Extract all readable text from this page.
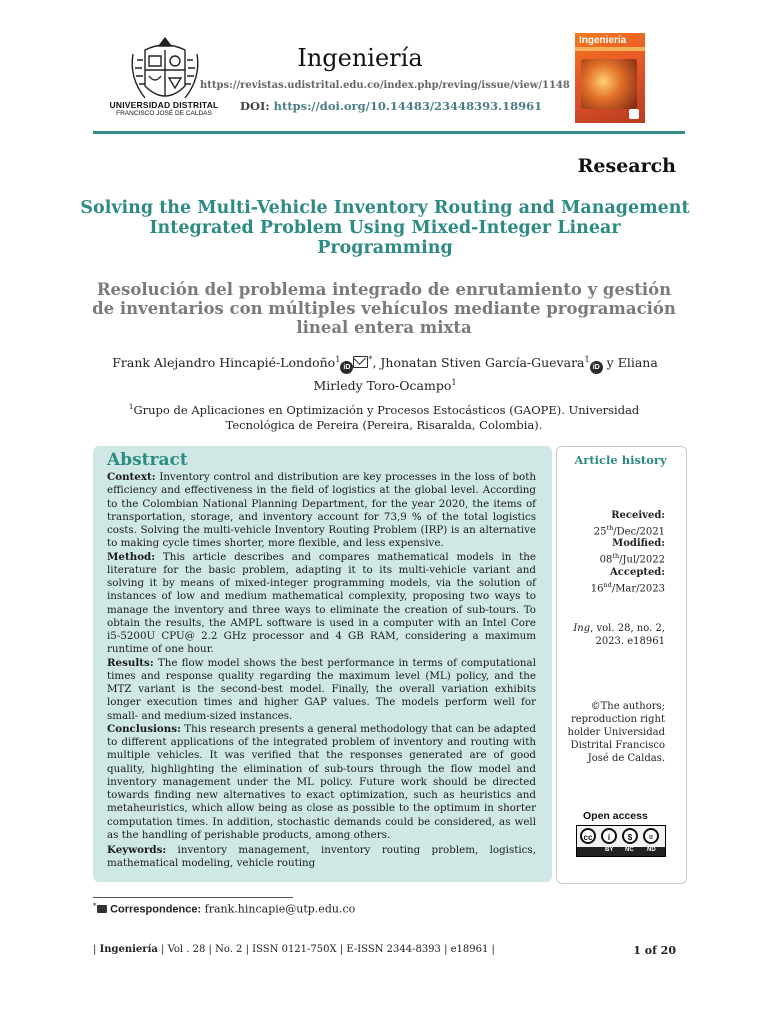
UNIVERSIDAD DISTRITAL
FRANCISCO JOSÉ DE CALDAS
Ingeniería
https://revistas.udistrital.edu.co/index.php/reving/issue/view/1148
DOI: https://doi.org/10.14483/23448393.18961
Ingeniería
Research
Solving the Multi-Vehicle Inventory Routing and Management Integrated Problem Using Mixed-Integer Linear Programming
Resolución del problema integrado de enrutamiento y gestión de inventarios con múltiples vehículos mediante programación lineal entera mixta
Frank Alejandro Hincapié-Londoño$^1$iD*, Jhonatan Stiven García-Guevara$^1$iD y Eliana Mirledy Toro-Ocampo$^1$
$^1$Grupo de Aplicaciones en Optimización y Procesos Estocásticos (GAOPE). Universidad Tecnológica de Pereira (Pereira, Risaralda, Colombia).
Abstract

Context: Inventory control and distribution are key processes in the loss of both efficiency and effectiveness in the field of logistics at the global level. According to the Colombian National Planning Department, for the year 2020, the items of transportation, storage, and inventory account for 73,9 % of the total logistics costs. Solving the multi-vehicle Inventory Routing Problem (IRP) is an alternative to making cycle times shorter, more flexible, and less expensive.

Method: This article describes and compares mathematical models in the literature for the basic problem, adapting it to its multi-vehicle variant and solving it by means of mixed-integer programming models, via the solution of instances of low and medium mathematical complexity, proposing two ways to manage the inventory and three ways to eliminate the creation of sub-tours. To obtain the results, the AMPL software is used in a computer with an Intel Core i5-5200U CPU@ 2.2 GHz processor and 4 GB RAM, considering a maximum runtime of one hour.

Results: The flow model shows the best performance in terms of computational times and response quality regarding the maximum level (ML) policy, and the MTZ variant is the second-best model. Finally, the overall variation exhibits longer execution times and higher GAP values. The models perform well for small- and medium-sized instances.

Conclusions: This research presents a general methodology that can be adapted to different applications of the integrated problem of inventory and routing with multiple vehicles. It was verified that the responses generated are of good quality, highlighting the elimination of sub-tours through the flow model and inventory management under the ML policy. Future work should be directed towards finding new alternatives to exact optimization, such as heuristics and metaheuristics, which allow being as close as possible to the optimum in shorter computation times. In addition, stochastic demands could be considered, as well as the handling of perishable products, among others.

Keywords: inventory management, inventory routing problem, logistics, mathematical modeling, vehicle routing
Article history
Received:
25th/Dec/2021
Modified:
08th/Jul/2022
Accepted:
16nd/Mar/2023
Ing, vol. 28, no. 2, 2023. e18961
©The authors; reproduction right holder Universidad Distrital Francisco José de Caldas.
Open access
cc	i	$	=
BY NC ND
* Correspondence: frank.hincapie@utp.edu.co
| Ingeniería | Vol . 28 | No. 2 | ISSN 0121-750X | E-ISSN 2344-8393 | e18961 |	1 of 20
